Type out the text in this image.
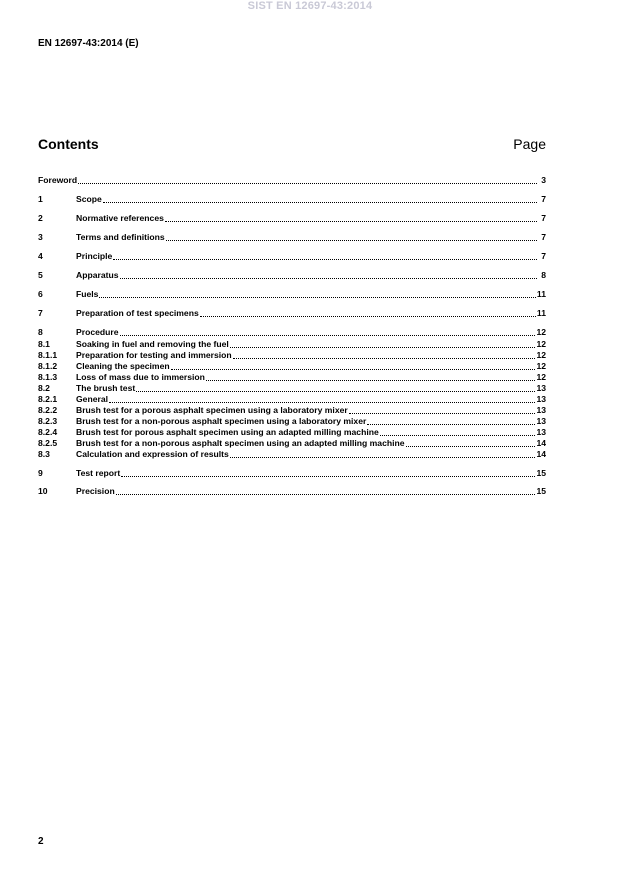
SIST EN 12697-43:2014
EN 12697-43:2014 (E)
Contents	Page
Foreword	3
1	Scope	7
2	Normative references	7
3	Terms and definitions	7
4	Principle	7
5	Apparatus	8
6	Fuels	11
7	Preparation of test specimens	11
8	Procedure	12
8.1	Soaking in fuel and removing the fuel	12
8.1.1	Preparation for testing and immersion	12
8.1.2	Cleaning the specimen	12
8.1.3	Loss of mass due to immersion	12
8.2	The brush test	13
8.2.1	General	13
8.2.2	Brush test for a porous asphalt specimen using a laboratory mixer	13
8.2.3	Brush test for a non-porous asphalt specimen using a laboratory mixer	13
8.2.4	Brush test for porous asphalt specimen using an adapted milling machine	13
8.2.5	Brush test for a non-porous asphalt specimen using an adapted milling machine	14
8.3	Calculation and expression of results	14
9	Test report	15
10	Precision	15
2
